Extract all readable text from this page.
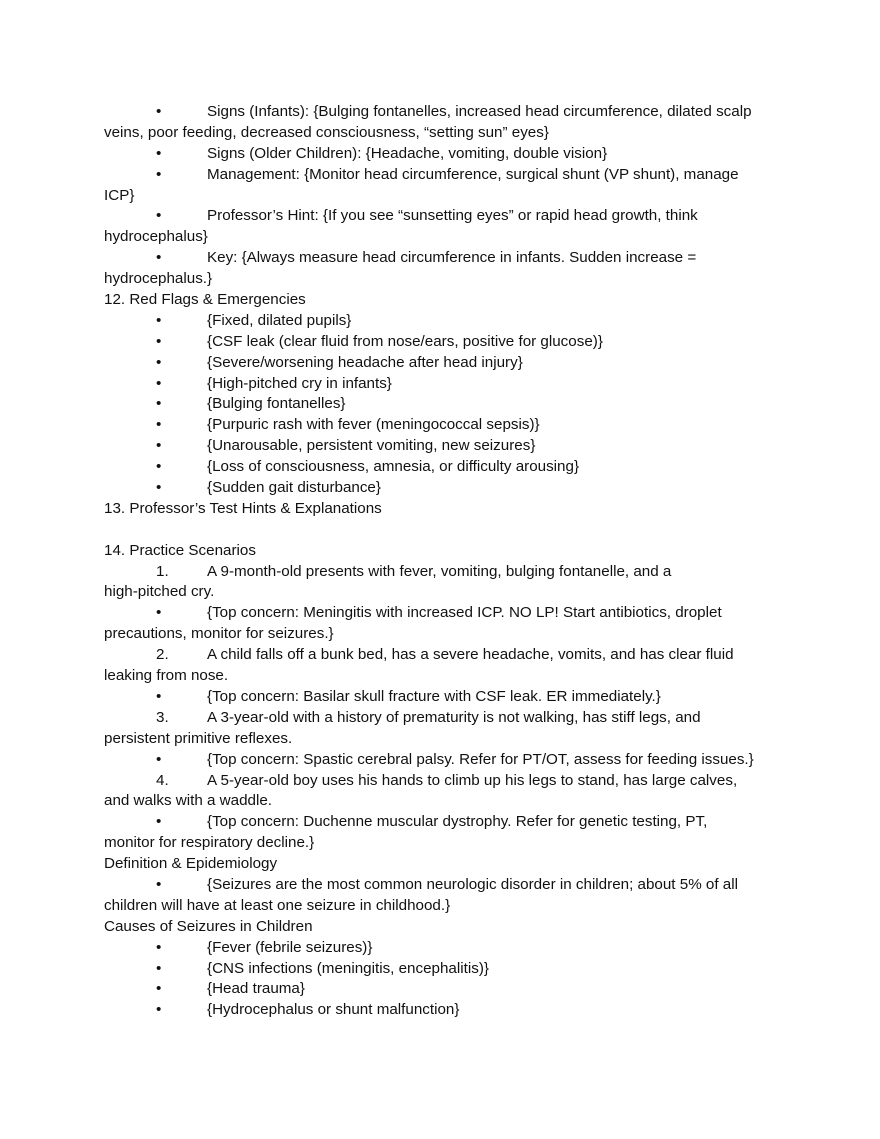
•	Signs (Infants): {Bulging fontanelles, increased head circumference, dilated scalp
veins, poor feeding, decreased consciousness, “setting sun” eyes}
•	Signs (Older Children): {Headache, vomiting, double vision}
•	Management: {Monitor head circumference, surgical shunt (VP shunt), manage
ICP}
•	Professor’s Hint: {If you see “sunsetting eyes” or rapid head growth, think
hydrocephalus}
•	Key: {Always measure head circumference in infants. Sudden increase =
hydrocephalus.}
12. Red Flags & Emergencies
•	{Fixed, dilated pupils}
•	{CSF leak (clear fluid from nose/ears, positive for glucose)}
•	{Severe/worsening headache after head injury}
•	{High-pitched cry in infants}
•	{Bulging fontanelles}
•	{Purpuric rash with fever (meningococcal sepsis)}
•	{Unarousable, persistent vomiting, new seizures}
•	{Loss of consciousness, amnesia, or difficulty arousing}
•	{Sudden gait disturbance}
13. Professor’s Test Hints & Explanations
14. Practice Scenarios
1.	A 9-month-old presents with fever, vomiting, bulging fontanelle, and a
high-pitched cry.
•	{Top concern: Meningitis with increased ICP. NO LP! Start antibiotics, droplet
precautions, monitor for seizures.}
2.	A child falls off a bunk bed, has a severe headache, vomits, and has clear fluid
leaking from nose.
•	{Top concern: Basilar skull fracture with CSF leak. ER immediately.}
3.	A 3-year-old with a history of prematurity is not walking, has stiff legs, and
persistent primitive reflexes.
•	{Top concern: Spastic cerebral palsy. Refer for PT/OT, assess for feeding issues.}
4.	A 5-year-old boy uses his hands to climb up his legs to stand, has large calves,
and walks with a waddle.
•	{Top concern: Duchenne muscular dystrophy. Refer for genetic testing, PT,
monitor for respiratory decline.}
Definition & Epidemiology
•	{Seizures are the most common neurologic disorder in children; about 5% of all
children will have at least one seizure in childhood.}
Causes of Seizures in Children
•	{Fever (febrile seizures)}
•	{CNS infections (meningitis, encephalitis)}
•	{Head trauma}
•	{Hydrocephalus or shunt malfunction}
